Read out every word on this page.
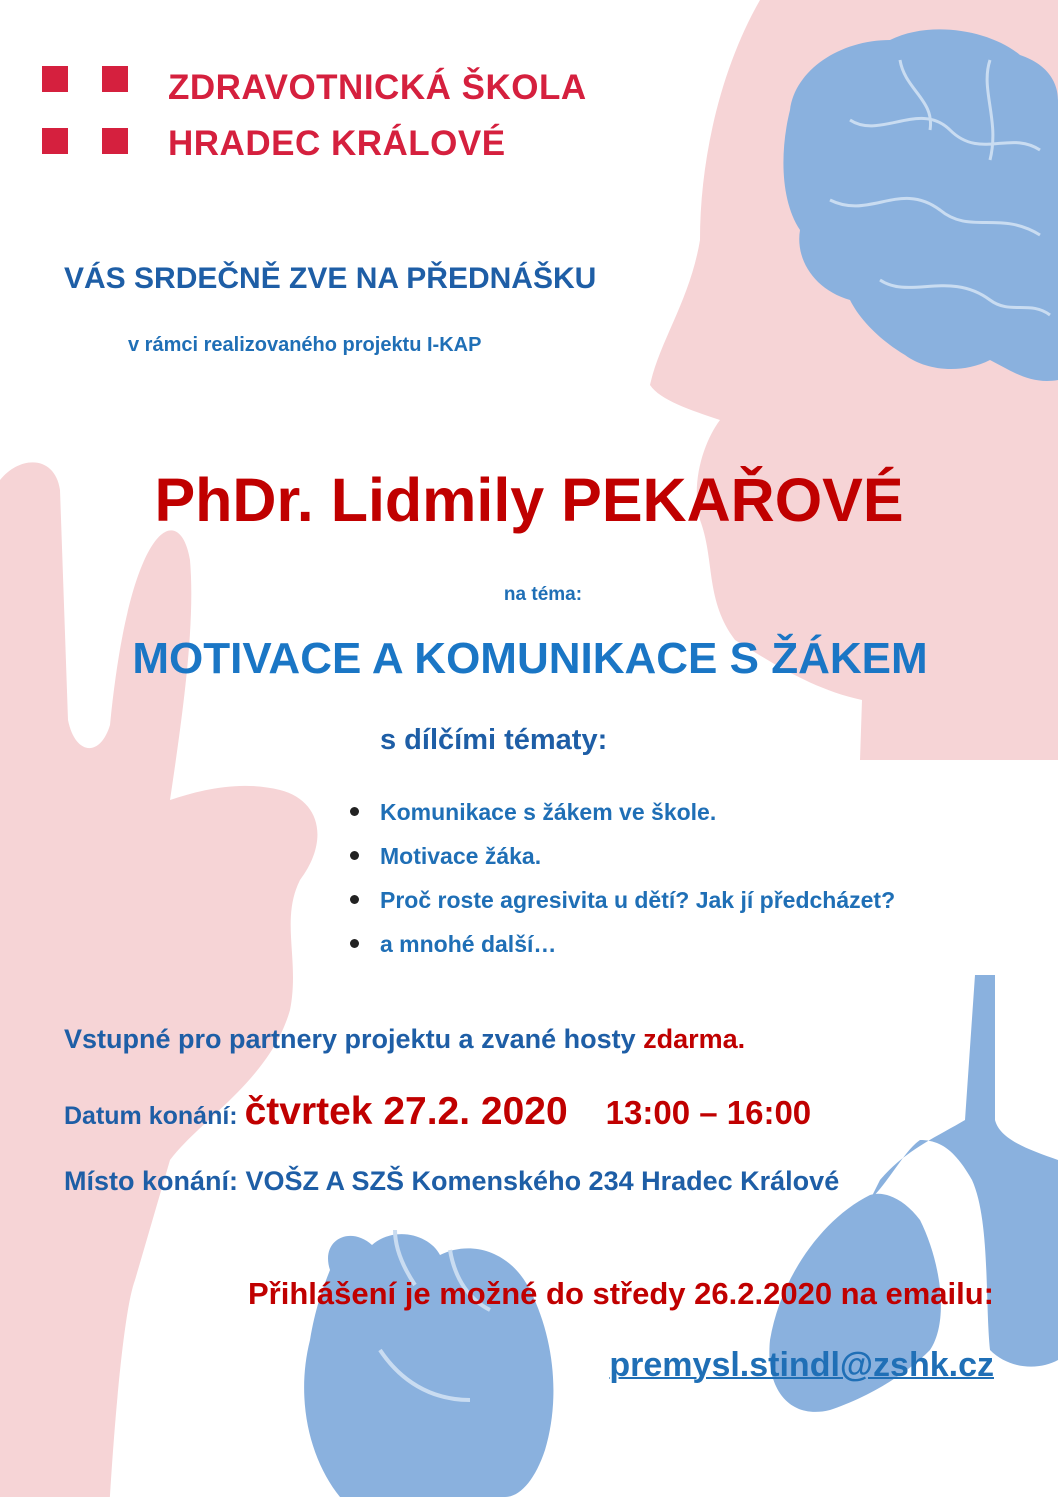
ZDRAVOTNICKÁ ŠKOLA
HRADEC KRÁLOVÉ
VÁS SRDEČNĚ ZVE NA PŘEDNÁŠKU
v rámci realizovaného projektu I-KAP
PhDr. Lidmily PEKAŘOVÉ
na téma:
MOTIVACE A KOMUNIKACE S ŽÁKEM
s dílčími tématy:
Komunikace s žákem ve škole.
Motivace žáka.
Proč roste agresivita u dětí? Jak jí předcházet?
a mnohé další…
Vstupné pro partnery projektu a zvané hosty zdarma.
Datum konání: čtvrtek 27.2. 2020 13:00 – 16:00
Místo konání: VOŠZ A SZŠ Komenského 234 Hradec Králové
Přihlášení je možné do středy 26.2.2020 na emailu:
premysl.stindl@zshk.cz
